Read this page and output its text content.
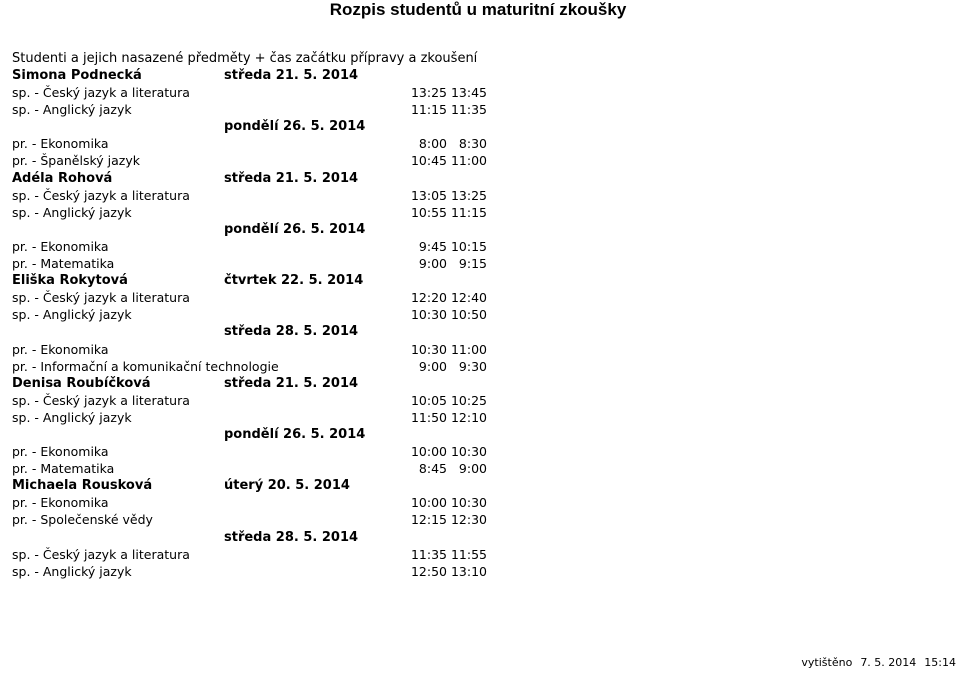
Rozpis studentů u maturitní zkoušky
Studenti a jejich nasazené předměty + čas začátku přípravy a zkoušení
Simona Podnecká	středa 21. 5. 2014
sp. - Český jazyk a literatura	13:25 13:45
sp. - Anglický jazyk	11:15 11:35
pondělí 26. 5. 2014
pr. - Ekonomika	8:00 8:30
pr. - Španělský jazyk	10:45 11:00
Adéla Rohová	středa 21. 5. 2014
sp. - Český jazyk a literatura	13:05 13:25
sp. - Anglický jazyk	10:55 11:15
pondělí 26. 5. 2014
pr. - Ekonomika	9:45 10:15
pr. - Matematika	9:00 9:15
Eliška Rokytová	čtvrtek 22. 5. 2014
sp. - Český jazyk a literatura	12:20 12:40
sp. - Anglický jazyk	10:30 10:50
středa 28. 5. 2014
pr. - Ekonomika	10:30 11:00
pr. - Informační a komunikační technologie	9:00 9:30
Denisa Roubíčková	středa 21. 5. 2014
sp. - Český jazyk a literatura	10:05 10:25
sp. - Anglický jazyk	11:50 12:10
pondělí 26. 5. 2014
pr. - Ekonomika	10:00 10:30
pr. - Matematika	8:45 9:00
Michaela Rousková	úterý 20. 5. 2014
pr. - Ekonomika	10:00 10:30
pr. - Společenské vědy	12:15 12:30
středa 28. 5. 2014
sp. - Český jazyk a literatura	11:35 11:55
sp. - Anglický jazyk	12:50 13:10
vytištěno 7. 5. 2014 15:14
